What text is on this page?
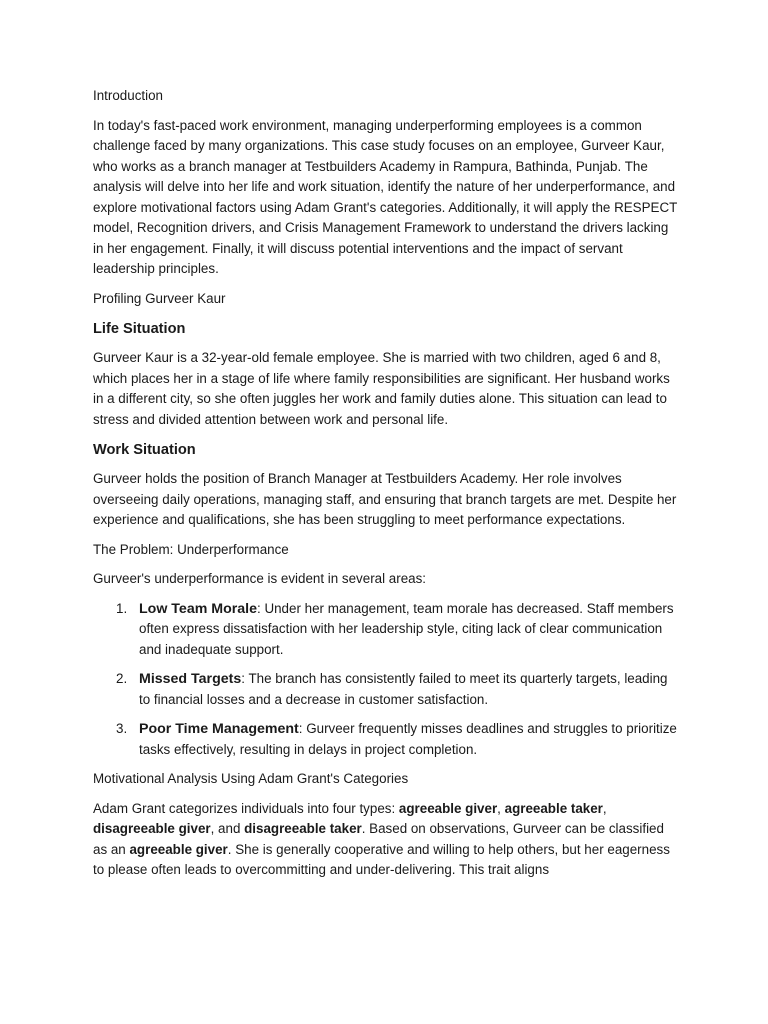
Introduction

In today's fast-paced work environment, managing underperforming employees is a common challenge faced by many organizations. This case study focuses on an employee, Gurveer Kaur, who works as a branch manager at Testbuilders Academy in Rampura, Bathinda, Punjab. The analysis will delve into her life and work situation, identify the nature of her underperformance, and explore motivational factors using Adam Grant's categories. Additionally, it will apply the RESPECT model, Recognition drivers, and Crisis Management Framework to understand the drivers lacking in her engagement. Finally, it will discuss potential interventions and the impact of servant leadership principles.

Profiling Gurveer Kaur

Life Situation

Gurveer Kaur is a 32-year-old female employee. She is married with two children, aged 6 and 8, which places her in a stage of life where family responsibilities are significant. Her husband works in a different city, so she often juggles her work and family duties alone. This situation can lead to stress and divided attention between work and personal life.

Work Situation

Gurveer holds the position of Branch Manager at Testbuilders Academy. Her role involves overseeing daily operations, managing staff, and ensuring that branch targets are met. Despite her experience and qualifications, she has been struggling to meet performance expectations.

The Problem: Underperformance

Gurveer's underperformance is evident in several areas:

1. Low Team Morale: Under her management, team morale has decreased. Staff members often express dissatisfaction with her leadership style, citing lack of clear communication and inadequate support.
2. Missed Targets: The branch has consistently failed to meet its quarterly targets, leading to financial losses and a decrease in customer satisfaction.
3. Poor Time Management: Gurveer frequently misses deadlines and struggles to prioritize tasks effectively, resulting in delays in project completion.

Motivational Analysis Using Adam Grant's Categories

Adam Grant categorizes individuals into four types: agreeable giver, agreeable taker, disagreeable giver, and disagreeable taker. Based on observations, Gurveer can be classified as an agreeable giver. She is generally cooperative and willing to help others, but her eagerness to please often leads to overcommitting and under-delivering. This trait aligns
